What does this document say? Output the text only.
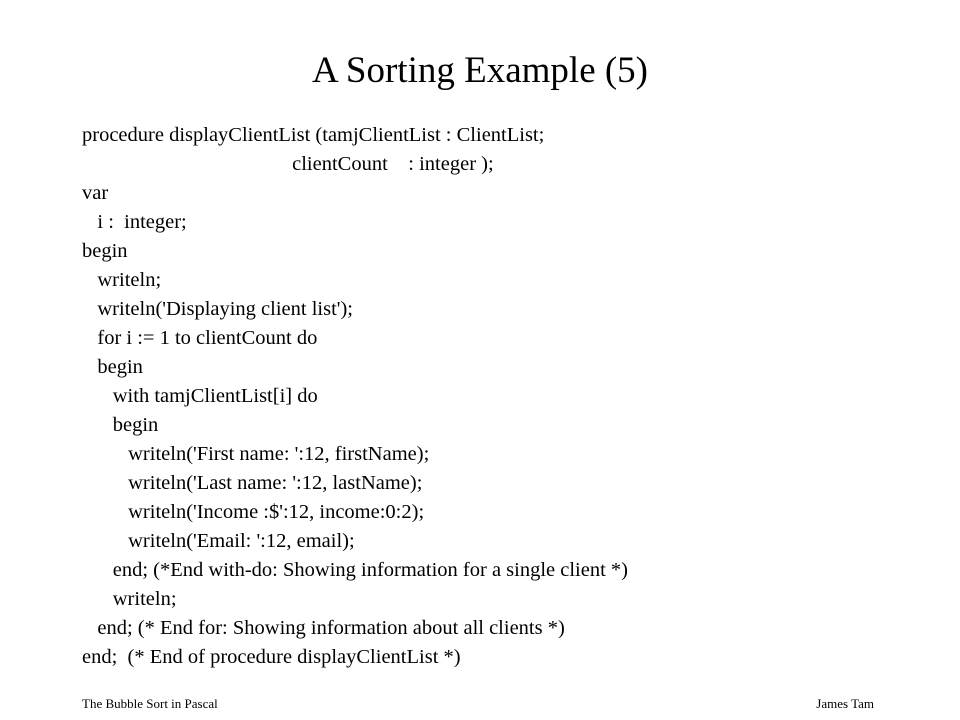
A Sorting Example (5)
procedure displayClientList (tamjClientList : ClientList;
clientCount    : integer );
var
i :  integer;
begin
writeln;
writeln('Displaying client list');
for i := 1 to clientCount do
begin
with tamjClientList[i] do
begin
writeln('First name: ':12, firstName);
writeln('Last name: ':12, lastName);
writeln('Income :$':12, income:0:2);
writeln('Email: ':12, email);
end; (*End with-do: Showing information for a single client *)
writeln;
end; (* End for: Showing information about all clients *)
end;  (* End of procedure displayClientList *)
The Bubble Sort in Pascal	James Tam
